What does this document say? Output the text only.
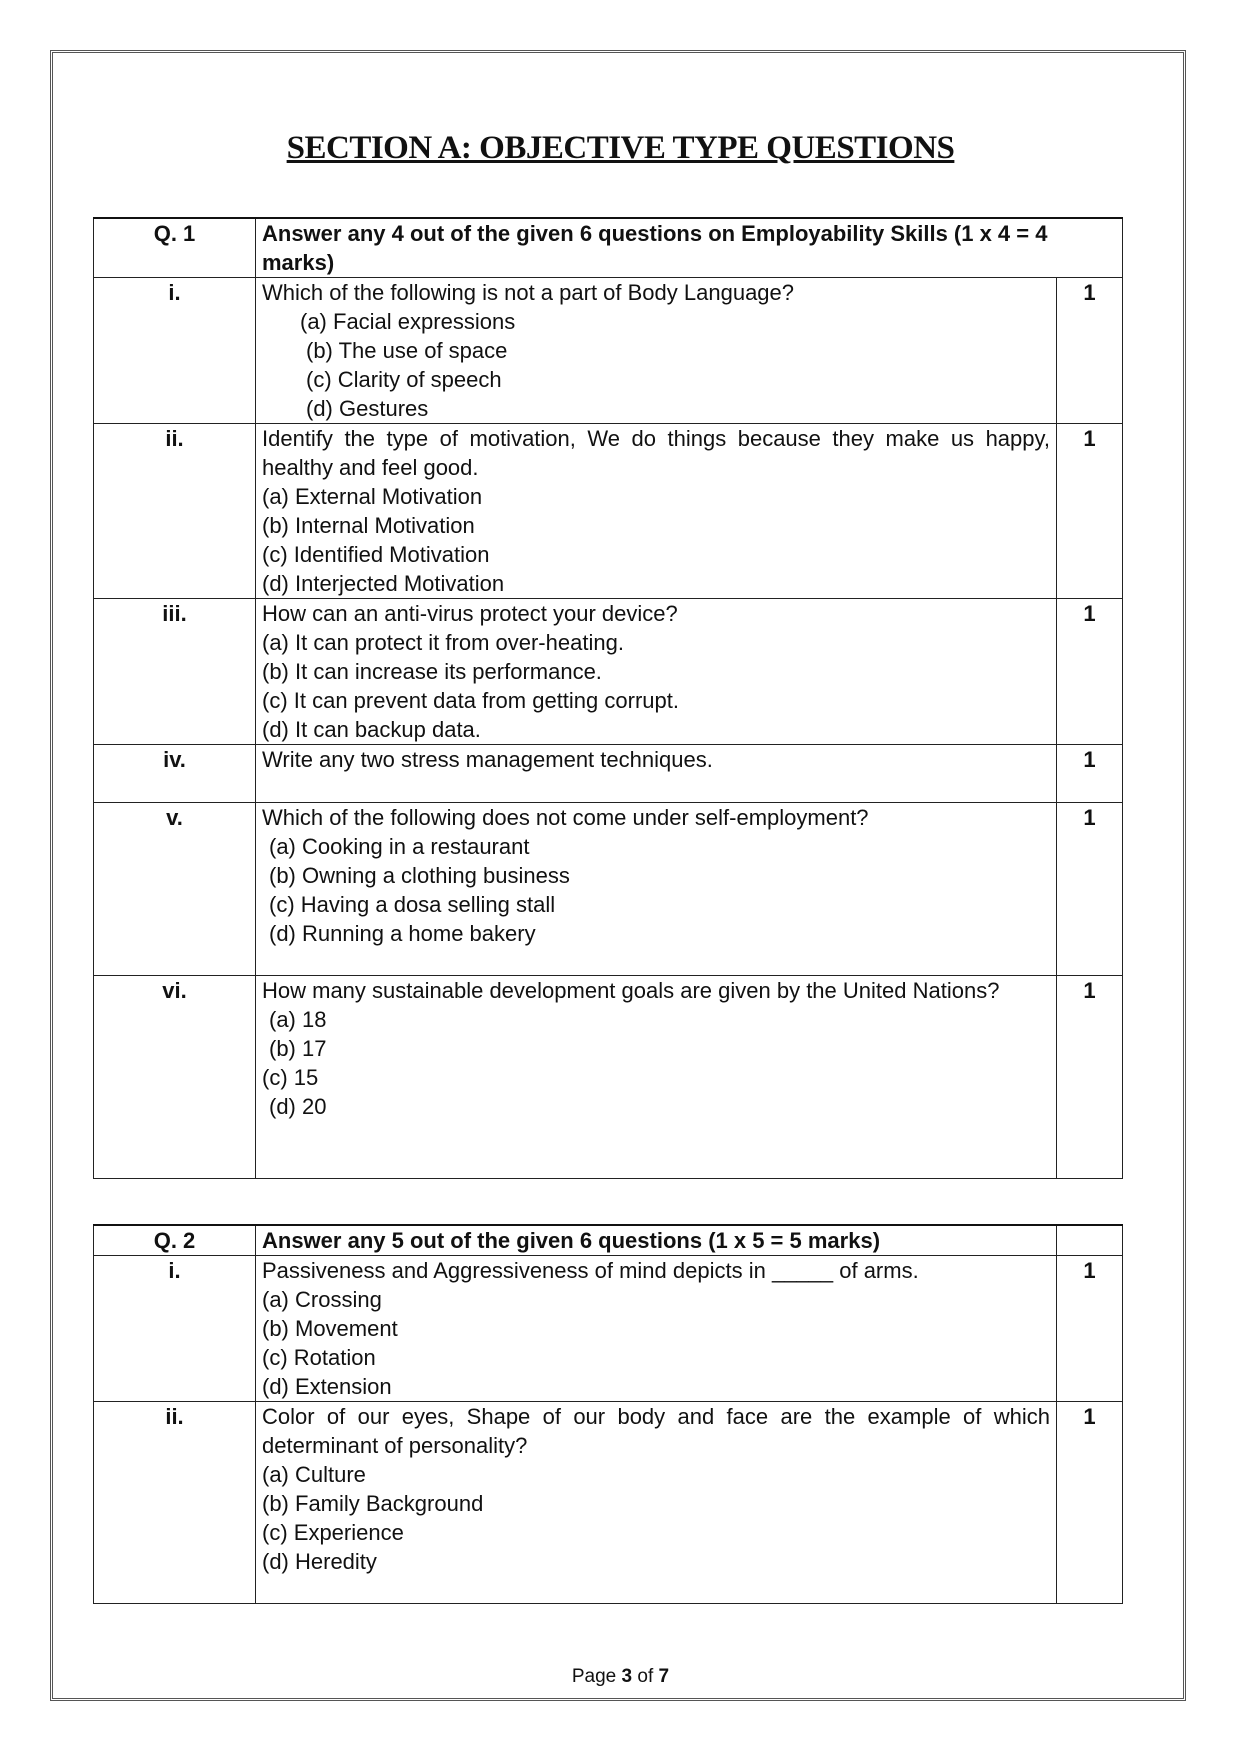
SECTION A: OBJECTIVE TYPE QUESTIONS
Q. 1	Answer any 4 out of the given 6 questions on Employability Skills (1 x 4 = 4 marks)	
i.	Which of the following is not a part of Body Language?
(a) Facial expressions
(b) The use of space
(c) Clarity of speech
(d) Gestures	1
ii.	Identify the type of motivation, We do things because they make us happy, healthy and feel good.
(a) External Motivation
(b) Internal Motivation
(c) Identified Motivation
(d) Interjected Motivation	1
iii.	How can an anti-virus protect your device?
(a) It can protect it from over-heating.
(b) It can increase its performance.
(c) It can prevent data from getting corrupt.
(d) It can backup data.	1
iv.	Write any two stress management techniques.	1
v.	Which of the following does not come under self-employment?
(a) Cooking in a restaurant
(b) Owning a clothing business
(c) Having a dosa selling stall
(d) Running a home bakery	1
vi.	How many sustainable development goals are given by the United Nations?
(a) 18
(b) 17
(c) 15
(d) 20	1
Q. 2	Answer any 5 out of the given 6 questions (1 x 5 = 5 marks)	
i.	Passiveness and Aggressiveness of mind depicts in _____ of arms.
(a) Crossing
(b) Movement
(c) Rotation
(d) Extension	1
ii.	Color of our eyes, Shape of our body and face are the example of which determinant of personality?
(a) Culture
(b) Family Background
(c) Experience
(d) Heredity	1
Page 3 of 7
